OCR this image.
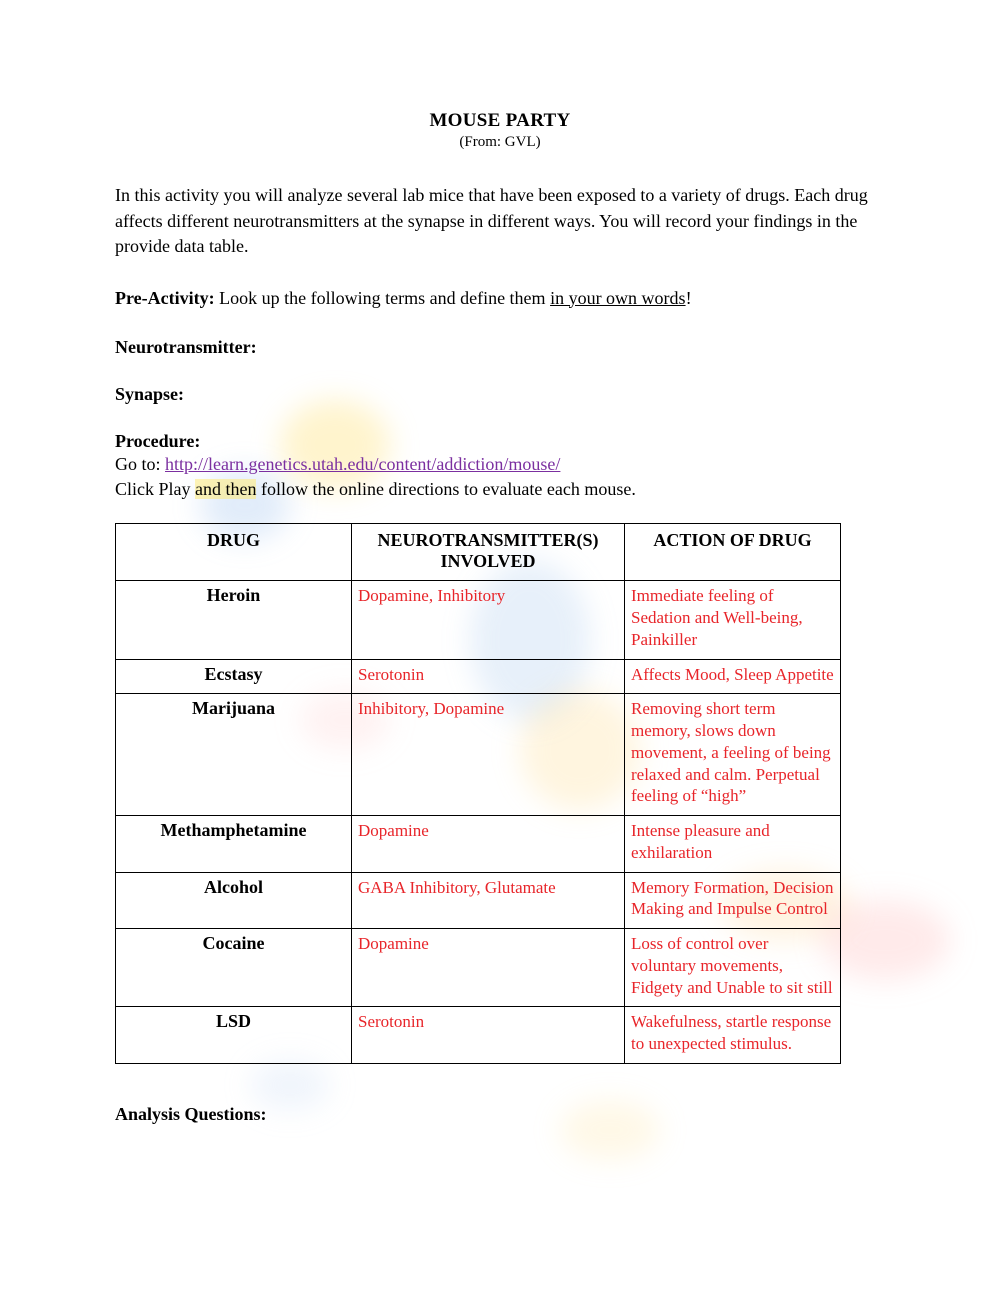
MOUSE PARTY
(From: GVL)
In this activity you will analyze several lab mice that have been exposed to a variety of drugs. Each drug affects different neurotransmitters at the synapse in different ways. You will record your findings in the provide data table.
Pre-Activity: Look up the following terms and define them in your own words!
Neurotransmitter:
Synapse:
Procedure:
Go to: http://learn.genetics.utah.edu/content/addiction/mouse/
Click Play and then follow the online directions to evaluate each mouse.
DRUG	NEUROTRANSMITTER(S) INVOLVED	ACTION OF DRUG
Heroin	Dopamine, Inhibitory	Immediate feeling of Sedation and Well-being, Painkiller
Ecstasy	Serotonin	Affects Mood, Sleep Appetite
Marijuana	Inhibitory, Dopamine	Removing short term memory, slows down movement, a feeling of being relaxed and calm. Perpetual feeling of “high”
Methamphetamine	Dopamine	Intense pleasure and exhilaration
Alcohol	GABA Inhibitory, Glutamate	Memory Formation, Decision Making and Impulse Control
Cocaine	Dopamine	Loss of control over voluntary movements, Fidgety and Unable to sit still
LSD	Serotonin	Wakefulness, startle response to unexpected stimulus.
Analysis Questions:
